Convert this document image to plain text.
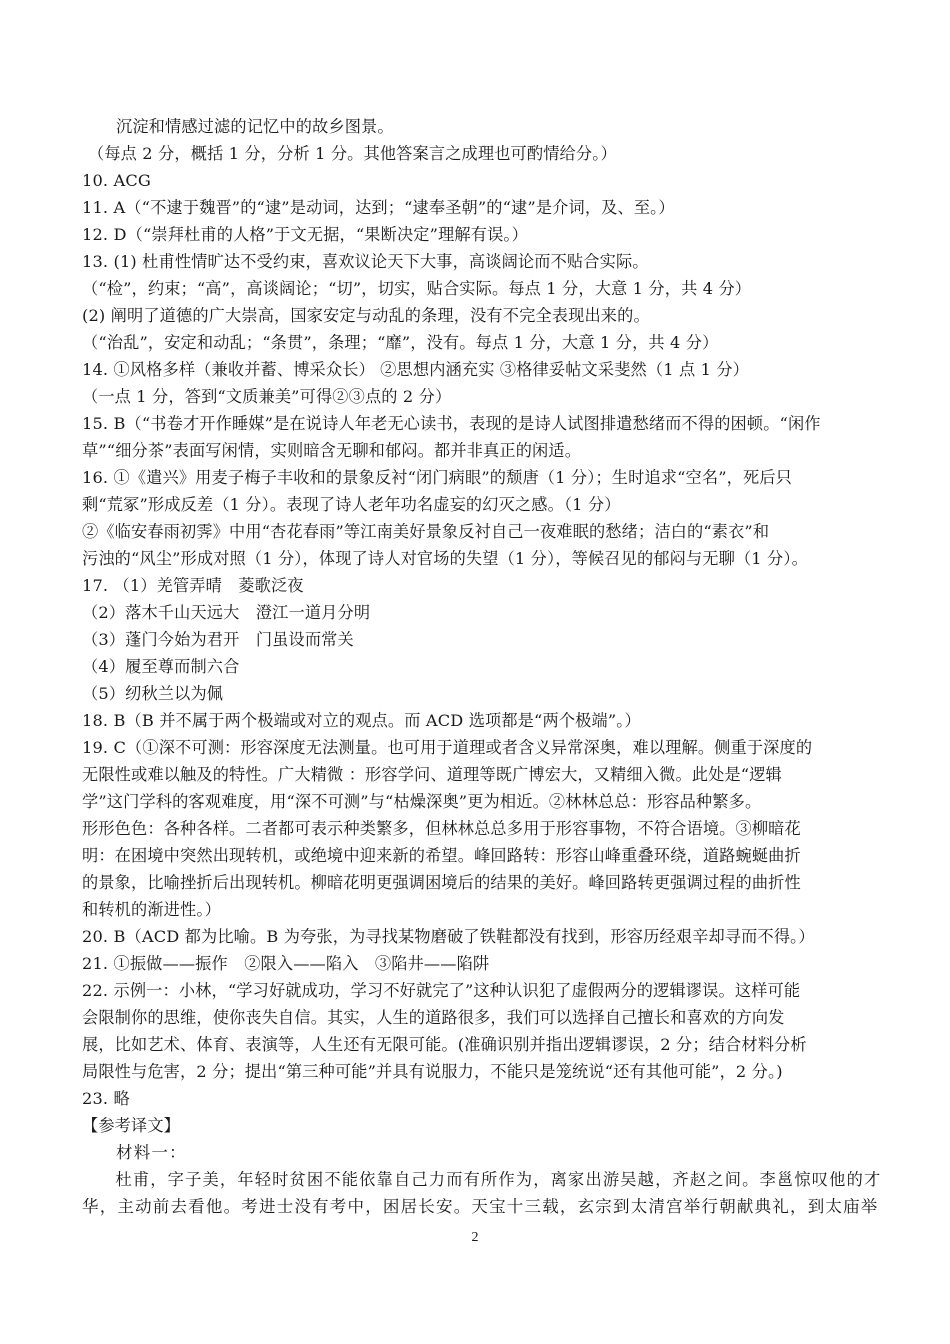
沉淀和情感过滤的记忆中的故乡图景。
（每点 2 分，概括 1 分，分析 1 分。其他答案言之成理也可酌情给分。）
10. ACG
11. A（“不逮于魏晋”的“逮”是动词，达到；“逮奉圣朝”的“逮”是介词，及、至。）
12. D（“崇拜杜甫的人格”于文无据，“果断决定”理解有误。）
13. (1) 杜甫性情旷达不受约束，喜欢议论天下大事，高谈阔论而不贴合实际。
（“检”，约束；“高”，高谈阔论；“切”，切实，贴合实际。每点 1 分，大意 1 分，共 4 分）
(2) 阐明了道德的广大崇高，国家安定与动乱的条理，没有不完全表现出来的。
（“治乱”，安定和动乱；“条贯”，条理；“靡”，没有。每点 1 分，大意 1 分，共 4 分）
14. ①风格多样（兼收并蓄、博采众长） ②思想内涵充实 ③格律妥帖文采斐然（1 点 1 分）
（一点 1 分，答到“文质兼美”可得②③点的 2 分）
15. B（“书卷才开作睡媒”是在说诗人年老无心读书，表现的是诗人试图排遣愁绪而不得的困顿。“闲作
草”“细分茶”表面写闲情，实则暗含无聊和郁闷。都并非真正的闲适。
16. ①《遣兴》用麦子梅子丰收和的景象反衬“闭门病眼”的颓唐（1 分）；生时追求“空名”，死后只
剩“荒冢”形成反差（1 分）。表现了诗人老年功名虚妄的幻灭之感。（1 分）
②《临安春雨初霁》中用“杏花春雨”等江南美好景象反衬自己一夜难眠的愁绪；洁白的“素衣”和
污浊的“风尘”形成对照（1 分），体现了诗人对官场的失望（1 分），等候召见的郁闷与无聊（1 分）。
17. （1）羌管弄晴　菱歌泛夜
（2）落木千山天远大　澄江一道月分明
（3）蓬门今始为君开　门虽设而常关
（4）履至尊而制六合
（5）纫秋兰以为佩
18. B（B 并不属于两个极端或对立的观点。而 ACD 选项都是“两个极端”。）
19. C（①深不可测：形容深度无法测量。也可用于道理或者含义异常深奥，难以理解。侧重于深度的
无限性或难以触及的特性。广大精微 ：形容学问、道理等既广博宏大，又精细入微。此处是“逻辑
学”这门学科的客观难度，用“深不可测”与“枯燥深奥”更为相近。②林林总总：形容品种繁多。
形形色色：各种各样。二者都可表示种类繁多，但林林总总多用于形容事物，不符合语境。③柳暗花
明：在困境中突然出现转机，或绝境中迎来新的希望。峰回路转：形容山峰重叠环绕，道路蜿蜒曲折
的景象，比喻挫折后出现转机。柳暗花明更强调困境后的结果的美好。峰回路转更强调过程的曲折性
和转机的渐进性。）
20. B（ACD 都为比喻。B 为夸张，为寻找某物磨破了铁鞋都没有找到，形容历经艰辛却寻而不得。）
21. ①振做——振作　②限入——陷入　③陷井——陷阱
22. 示例一：小林，“学习好就成功，学习不好就完了”这种认识犯了虚假两分的逻辑谬误。这样可能
会限制你的思维，使你丧失自信。其实，人生的道路很多，我们可以选择自己擅长和喜欢的方向发
展，比如艺术、体育、表演等，人生还有无限可能。(准确识别并指出逻辑谬误，2 分；结合材料分析
局限性与危害，2 分；提出“第三种可能”并具有说服力，不能只是笼统说“还有其他可能”，2 分。)
23. 略
【参考译文】
材料一：
杜甫，字子美，年轻时贫困不能依靠自己力而有所作为，离家出游吴越，齐赵之间。李邕惊叹他的才
华，主动前去看他。考进士没有考中，困居长安。天宝十三载，玄宗到太清宫举行朝献典礼，到太庙举
2
